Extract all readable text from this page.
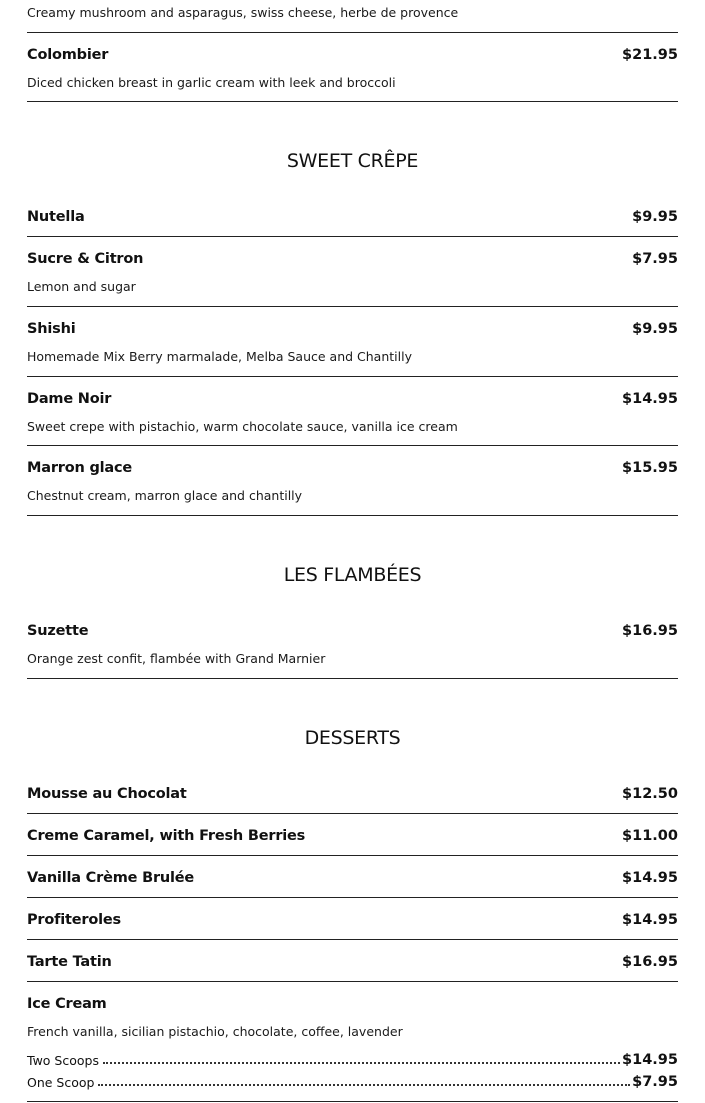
Creamy mushroom and asparagus, swiss cheese, herbe de provence
Colombier	$21.95
Diced chicken breast in garlic cream with leek and broccoli
SWEET CRÊPE
Nutella	$9.95
Sucre & Citron	$7.95
Lemon and sugar
Shishi	$9.95
Homemade Mix Berry marmalade, Melba Sauce and Chantilly
Dame Noir	$14.95
Sweet crepe with pistachio, warm chocolate sauce, vanilla ice cream
Marron glace	$15.95
Chestnut cream, marron glace and chantilly
LES FLAMBÉES
Suzette	$16.95
Orange zest confit, flambée with Grand Marnier
DESSERTS
Mousse au Chocolat	$12.50
Creme Caramel, with Fresh Berries	$11.00
Vanilla Crème Brulée	$14.95
Profiteroles	$14.95
Tarte Tatin	$16.95
Ice Cream
French vanilla, sicilian pistachio, chocolate, coffee, lavender
Two Scoops	$14.95
One Scoop	$7.95
